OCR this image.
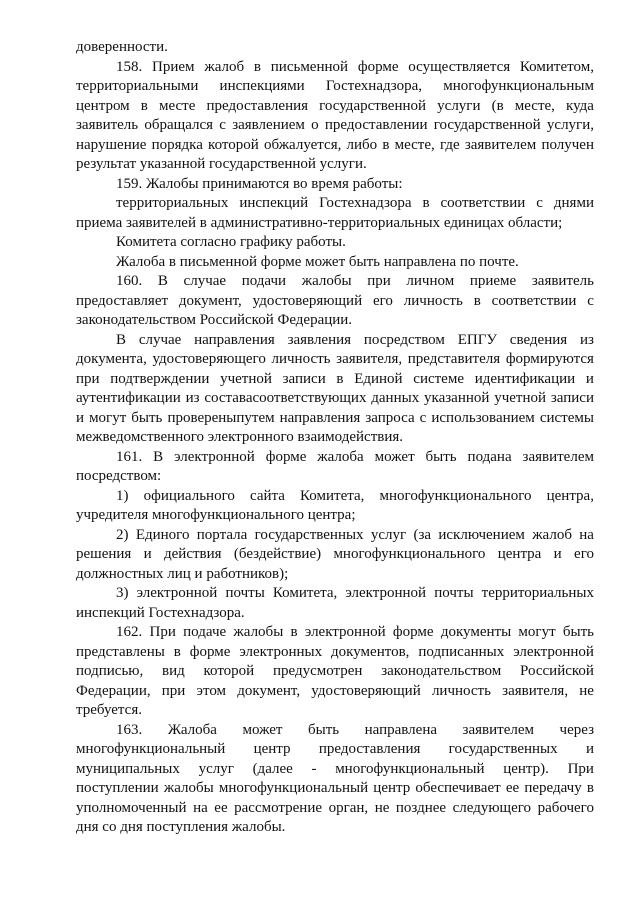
доверенности.
158. Прием жалоб в письменной форме осуществляется Комитетом,
территориальными инспекциями Гостехнадзора, многофункциональным
центром в месте предоставления государственной услуги (в месте, куда
заявитель обращался с заявлением о предоставлении государственной услуги,
нарушение порядка которой обжалуется, либо в месте, где заявителем получен
результат указанной государственной услуги.
159. Жалобы принимаются во время работы:
территориальных инспекций Гостехнадзора в соответствии с днями
приема заявителей в административно-территориальных единицах области;
Комитета согласно графику работы.
Жалоба в письменной форме может быть направлена по почте.
160. В случае подачи жалобы при личном приеме заявитель
предоставляет документ, удостоверяющий его личность в соответствии с
законодательством Российской Федерации.
В случае направления заявления посредством ЕПГУ сведения из
документа, удостоверяющего личность заявителя, представителя формируются
при подтверждении учетной записи в Единой системе идентификации и
аутентификации из составасоответствующих данных указанной учетной записи
и могут быть провереныпутем направления запроса с использованием системы
межведомственного электронного взаимодействия.
161. В электронной форме жалоба может быть подана заявителем
посредством:
1) официального сайта Комитета, многофункционального центра,
учредителя многофункционального центра;
2) Единого портала государственных услуг (за исключением жалоб на
решения и действия (бездействие) многофункционального центра и его
должностных лиц и работников);
3) электронной почты Комитета, электронной почты территориальных
инспекций Гостехнадзора.
162. При подаче жалобы в электронной форме документы могут быть
представлены в форме электронных документов, подписанных электронной
подписью, вид которой предусмотрен законодательством Российской
Федерации, при этом документ, удостоверяющий личность заявителя, не
требуется.
163. Жалоба может быть направлена заявителем через
многофункциональный центр предоставления государственных и
муниципальных услуг (далее - многофункциональный центр). При
поступлении жалобы многофункциональный центр обеспечивает ее передачу в
уполномоченный на ее рассмотрение орган, не позднее следующего рабочего
дня со дня поступления жалобы.
